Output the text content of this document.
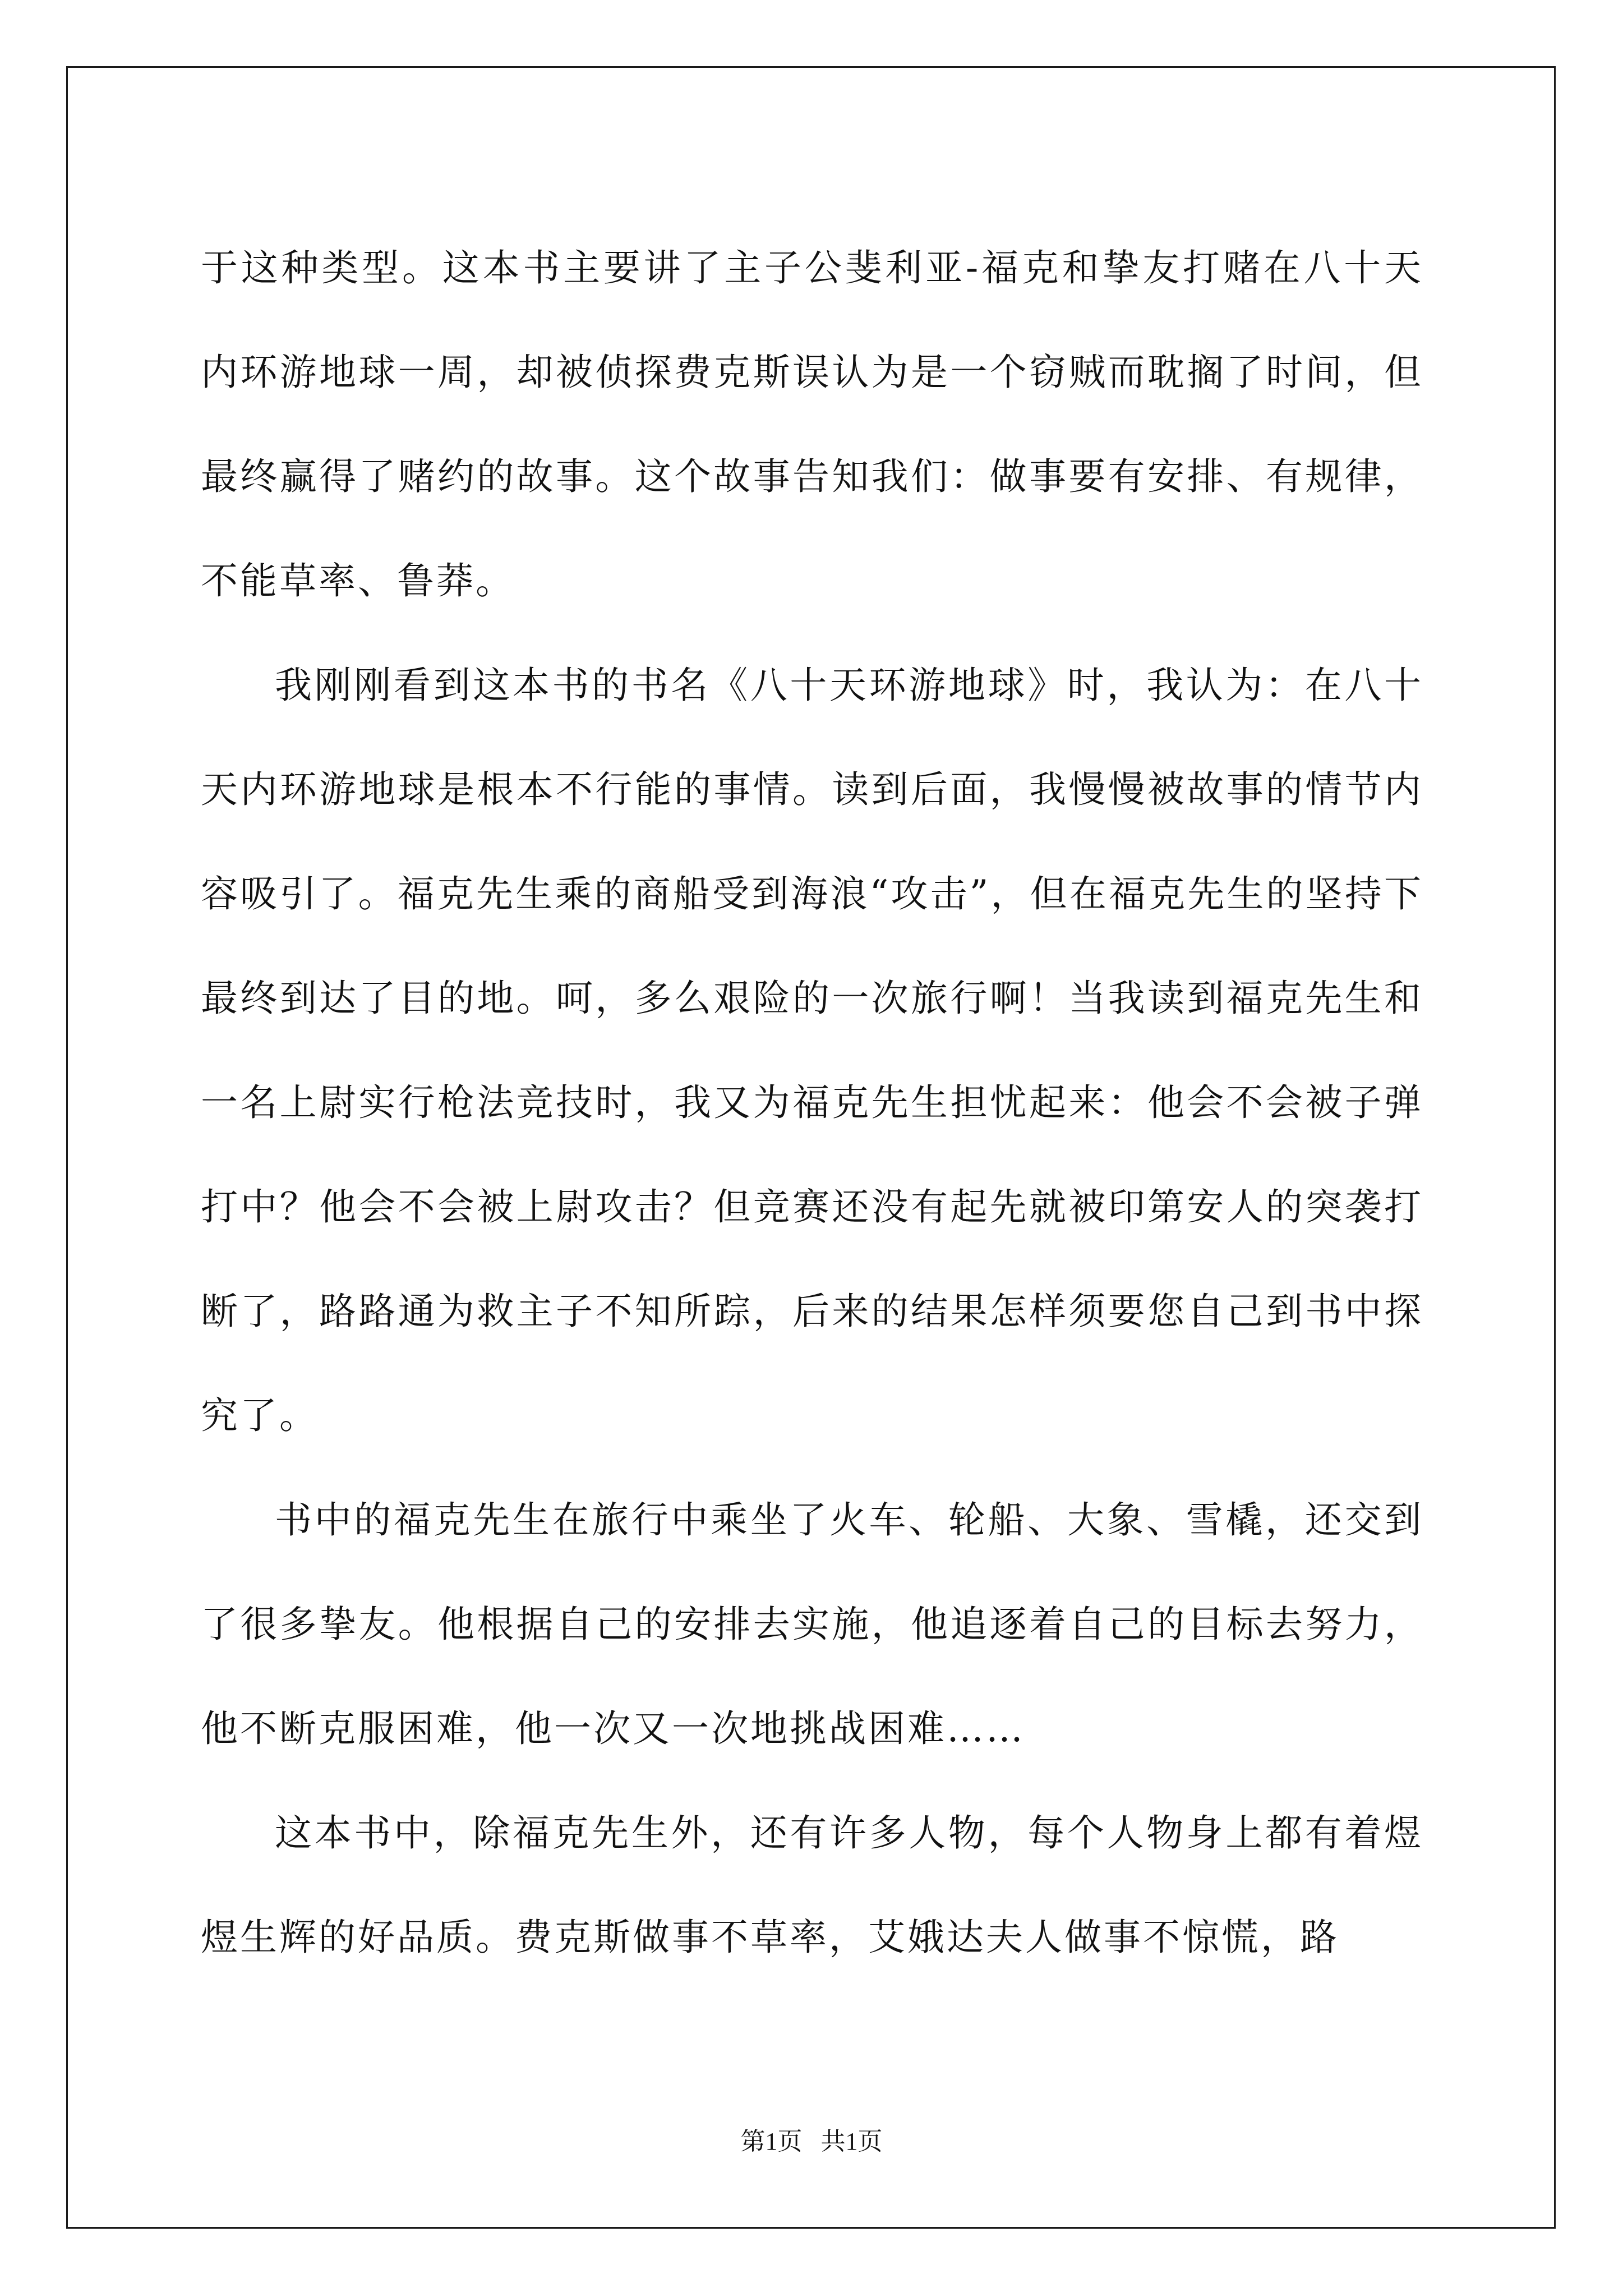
于这种类型。这本书主要讲了主子公斐利亚-福克和挚友打赌在八十天内环游地球一周，却被侦探费克斯误认为是一个窃贼而耽搁了时间，但最终赢得了赌约的故事。这个故事告知我们：做事要有安排、有规律，不能草率、鲁莽。

我刚刚看到这本书的书名《八十天环游地球》时，我认为：在八十天内环游地球是根本不行能的事情。读到后面，我慢慢被故事的情节内容吸引了。福克先生乘的商船受到海浪“攻击”，但在福克先生的坚持下最终到达了目的地。呵，多么艰险的一次旅行啊！当我读到福克先生和一名上尉实行枪法竞技时，我又为福克先生担忧起来：他会不会被子弹打中？他会不会被上尉攻击？但竞赛还没有起先就被印第安人的突袭打断了，路路通为救主子不知所踪，后来的结果怎样须要您自己到书中探究了。

书中的福克先生在旅行中乘坐了火车、轮船、大象、雪橇，还交到了很多挚友。他根据自己的安排去实施，他追逐着自己的目标去努力，他不断克服困难，他一次又一次地挑战困难……

这本书中，除福克先生外，还有许多人物，每个人物身上都有着煜煜生辉的好品质。费克斯做事不草率，艾娥达夫人做事不惊慌，路

第1页   共1页
